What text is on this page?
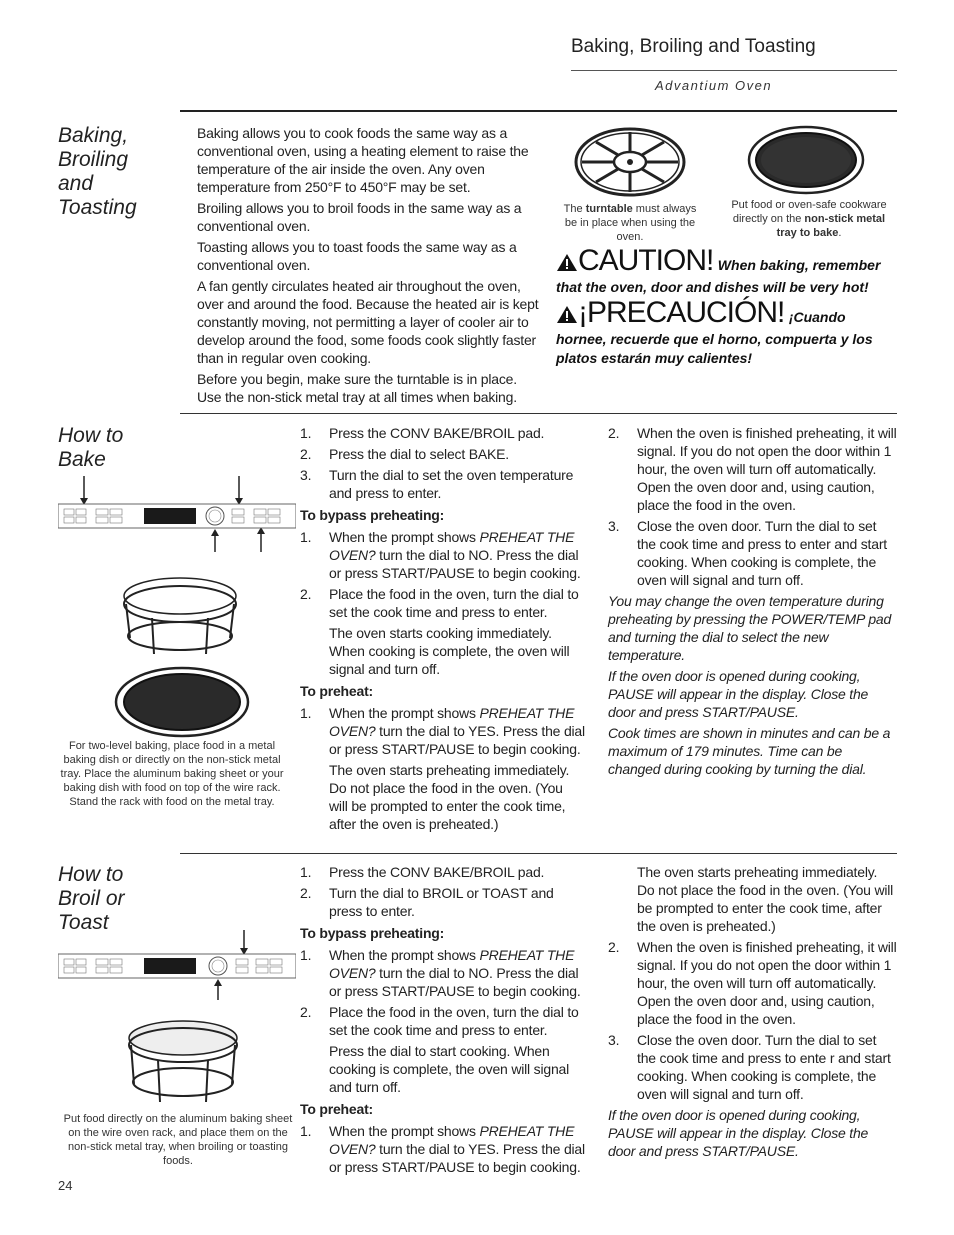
Baking, Broiling and Toasting
Advantium Oven
Baking,
Broiling
and
Toasting

Baking allows you to cook foods the same way as a conventional oven, using a heating element to raise the temperature of the air inside the oven. Any oven temperature from 250°F to 450°F may be set.

Broiling allows you to broil foods in the same way as a conventional oven.

Toasting allows you to toast foods the same way as a conventional oven.

A fan gently circulates heated air throughout the oven, over and around the food. Because the heated air is kept constantly moving, not permitting a layer of cooler air to develop around the food, some foods cook slightly faster than in regular oven cooking.

Before you begin, make sure the turntable is in place. Use the non-stick metal tray at all times when baking.

The turntable must always be in place when using the oven.
Put food or oven-safe cookware directly on the non-stick metal tray to bake.
CAUTION! When baking, remember that the oven, door and dishes will be very hot!
¡PRECAUCIÓN! ¡Cuando hornee, recuerde que el horno, compuerta y los platos estarán muy calientes!
How to
Bake
For two-level baking, place food in a metal baking dish or directly on the non-stick metal tray. Place the aluminum baking sheet or your baking dish with food on top of the wire rack. Stand the rack with food on the metal tray.
1. Press the CONV BAKE/BROIL pad.
2. Press the dial to select BAKE.
3. Turn the dial to set the oven temperature and press to enter.

To bypass preheating:

1. When the prompt shows PREHEAT THE OVEN? turn the dial to NO. Press the dial or press START/PAUSE to begin cooking.
2. Place the food in the oven, turn the dial to set the cook time and press to enter.

The oven starts cooking immediately. When cooking is complete, the oven will signal and turn off.

To preheat:

1. When the prompt shows PREHEAT THE OVEN? turn the dial to YES. Press the dial or press START/PAUSE to begin cooking.

The oven starts preheating immediately. Do not place the food in the oven. (You will be prompted to enter the cook time, after the oven is preheated.)

2. When the oven is finished preheating, it will signal. If you do not open the door within 1 hour, the oven will turn off automatically. Open the oven door and, using caution, place the food in the oven.
3. Close the oven door. Turn the dial to set the cook time and press to enter and start cooking. When cooking is complete, the oven will signal and turn off.

You may change the oven temperature during preheating by pressing the POWER/TEMP pad and turning the dial to select the new temperature.

If the oven door is opened during cooking, PAUSE will appear in the display. Close the door and press START/PAUSE.

Cook times are shown in minutes and can be a maximum of 179 minutes. Time can be changed during cooking by turning the dial.

How to
Broil or
Toast
Put food directly on the aluminum baking sheet on the wire oven rack, and place them on the non-stick metal tray, when broiling or toasting foods.
1. Press the CONV BAKE/BROIL pad.
2. Turn the dial to BROIL or TOAST and press to enter.

To bypass preheating:

1. When the prompt shows PREHEAT THE OVEN? turn the dial to NO. Press the dial or press START/PAUSE to begin cooking.
2. Place the food in the oven, turn the dial to set the cook time and press to enter.

Press the dial to start cooking. When cooking is complete, the oven will signal and turn off.

To preheat:

1. When the prompt shows PREHEAT THE OVEN? turn the dial to YES. Press the dial or press START/PAUSE to begin cooking.

The oven starts preheating immediately. Do not place the food in the oven. (You will be prompted to enter the cook time, after the oven is preheated.)

2. When the oven is finished preheating, it will signal. If you do not open the door within 1 hour, the oven will turn off automatically. Open the oven door and, using caution, place the food in the oven.
3. Close the oven door. Turn the dial to set the cook time and press to ente r and start cooking. When cooking is complete, the oven will signal and turn off.

If the oven door is opened during cooking, PAUSE will appear in the display. Close the door and press START/PAUSE.

24
